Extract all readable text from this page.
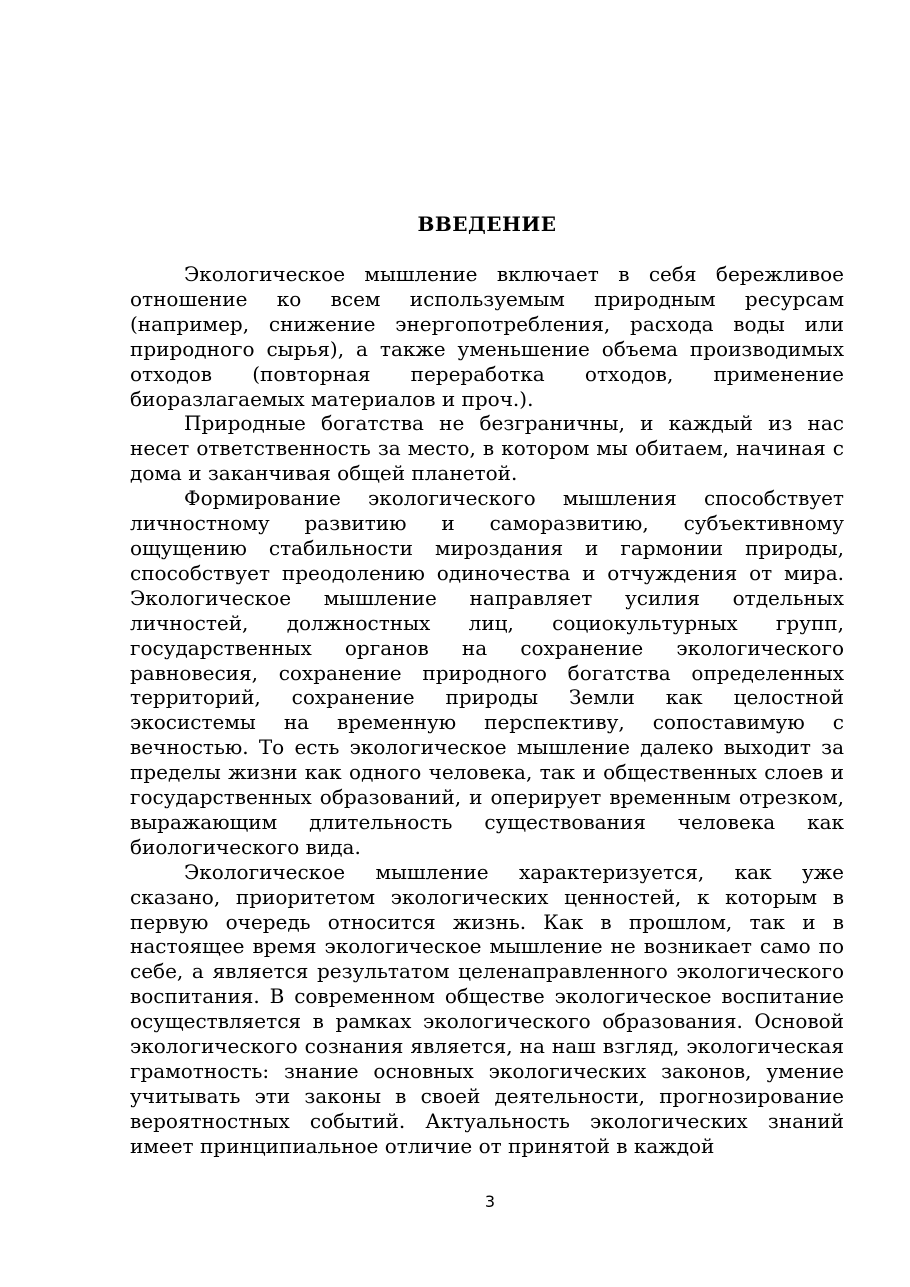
ВВЕДЕНИЕ

Экологическое мышление включает в себя бережливое отношение ко всем используемым природным ресурсам (например, снижение энергопотребления, расхода воды или природного сырья), а также уменьшение объема производимых отходов (повторная переработка отходов, применение биоразлагаемых материалов и проч.).

Природные богатства не безграничны, и каждый из нас несет ответственность за место, в котором мы обитаем, начиная с дома и заканчивая общей планетой.

Формирование экологического мышления способствует личностному развитию и саморазвитию, субъективному ощущению стабильности мироздания и гармонии природы, способствует преодолению одиночества и отчуждения от мира. Экологическое мышление направляет усилия отдельных личностей, должностных лиц, социокультурных групп, государственных органов на сохранение экологического равновесия, сохранение природного богатства определенных территорий, сохранение природы Земли как целостной экосистемы на временную перспективу, сопоставимую с вечностью. То есть экологическое мышление далеко выходит за пределы жизни как одного человека, так и общественных слоев и государственных образований, и оперирует временным отрезком, выражающим длительность существования человека как биологического вида.

Экологическое мышление характеризуется, как уже сказано, приоритетом экологических ценностей, к которым в первую очередь относится жизнь. Как в прошлом, так и в настоящее время экологическое мышление не возникает само по себе, а является результатом целенаправленного экологического воспитания. В современном обществе экологическое воспитание осуществляется в рамках экологического образования. Основой экологического сознания является, на наш взгляд, экологическая грамотность: знание основных экологических законов, умение учитывать эти законы в своей деятельности, прогнозирование вероятностных событий. Актуальность экологических знаний имеет принципиальное отличие от принятой в каждой

3
